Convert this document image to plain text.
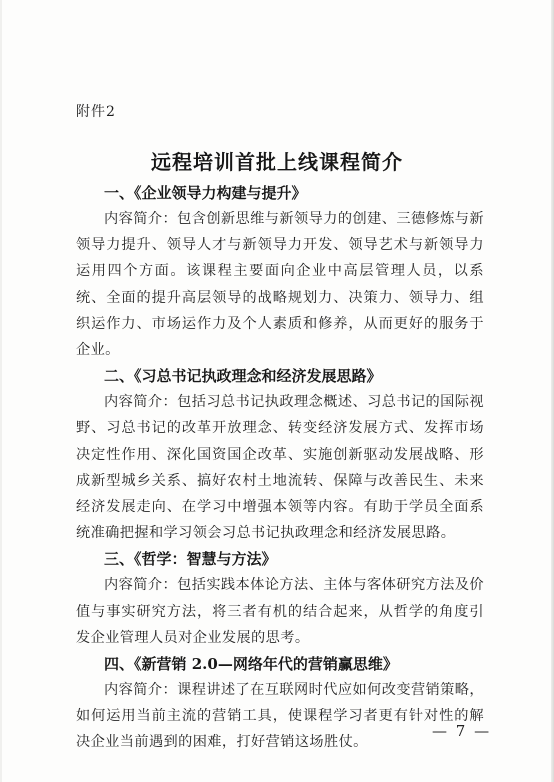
附件2
远程培训首批上线课程简介
一、《企业领导力构建与提升》

内容简介：包含创新思维与新领导力的创建、三德修炼与新领导力提升、领导人才与新领导力开发、领导艺术与新领导力运用四个方面。该课程主要面向企业中高层管理人员，以系统、全面的提升高层领导的战略规划力、决策力、领导力、组织运作力、市场运作力及个人素质和修养，从而更好的服务于企业。

二、《习总书记执政理念和经济发展思路》

内容简介：包括习总书记执政理念概述、习总书记的国际视野、习总书记的改革开放理念、转变经济发展方式、发挥市场决定性作用、深化国资国企改革、实施创新驱动发展战略、形成新型城乡关系、搞好农村土地流转、保障与改善民生、未来经济发展走向、在学习中增强本领等内容。有助于学员全面系统准确把握和学习领会习总书记执政理念和经济发展思路。

三、《哲学：智慧与方法》

内容简介：包括实践本体论方法、主体与客体研究方法及价值与事实研究方法，将三者有机的结合起来，从哲学的角度引发企业管理人员对企业发展的思考。

四、《新营销 2.0—网络年代的营销赢思维》

内容简介：课程讲述了在互联网时代应如何改变营销策略，如何运用当前主流的营销工具，使课程学习者更有针对性的解决企业当前遇到的困难，打好营销这场胜仗。

— 7 —
